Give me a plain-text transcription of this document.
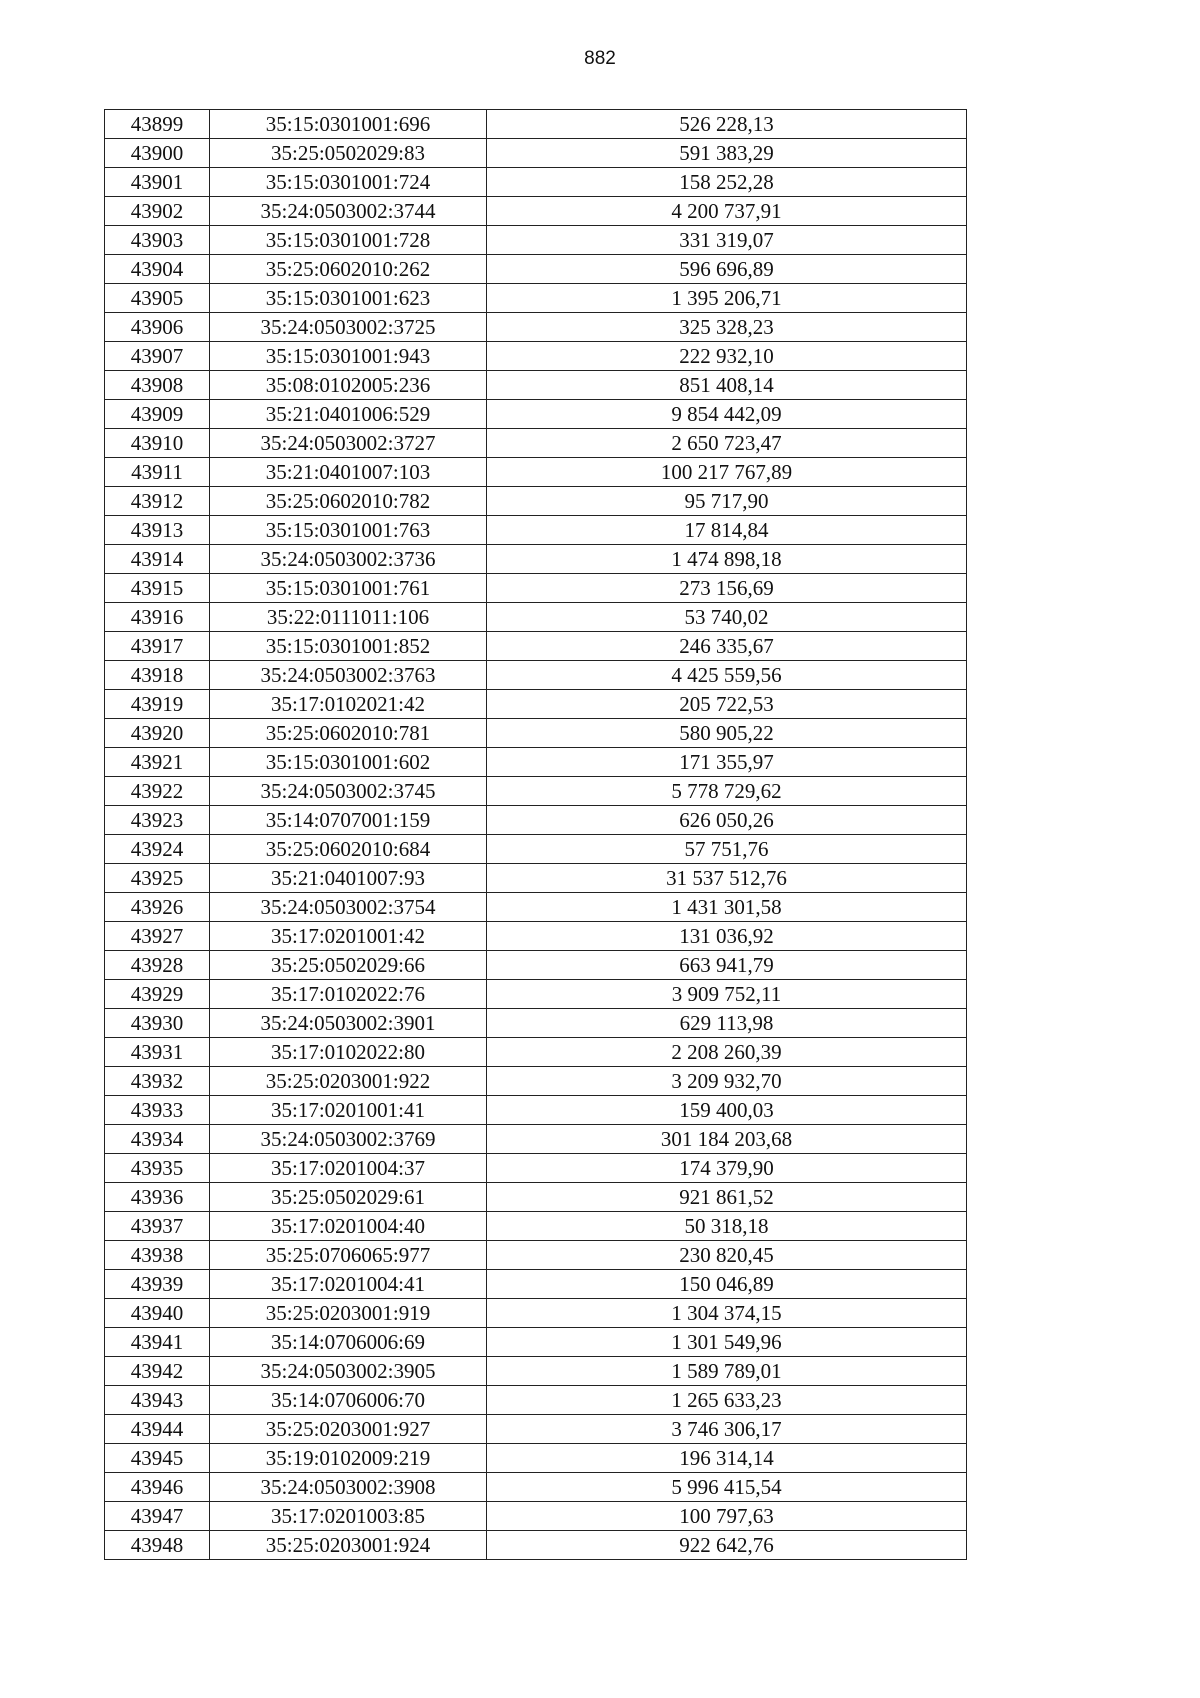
882
43899	35:15:0301001:696	526 228,13
43900	35:25:0502029:83	591 383,29
43901	35:15:0301001:724	158 252,28
43902	35:24:0503002:3744	4 200 737,91
43903	35:15:0301001:728	331 319,07
43904	35:25:0602010:262	596 696,89
43905	35:15:0301001:623	1 395 206,71
43906	35:24:0503002:3725	325 328,23
43907	35:15:0301001:943	222 932,10
43908	35:08:0102005:236	851 408,14
43909	35:21:0401006:529	9 854 442,09
43910	35:24:0503002:3727	2 650 723,47
43911	35:21:0401007:103	100 217 767,89
43912	35:25:0602010:782	95 717,90
43913	35:15:0301001:763	17 814,84
43914	35:24:0503002:3736	1 474 898,18
43915	35:15:0301001:761	273 156,69
43916	35:22:0111011:106	53 740,02
43917	35:15:0301001:852	246 335,67
43918	35:24:0503002:3763	4 425 559,56
43919	35:17:0102021:42	205 722,53
43920	35:25:0602010:781	580 905,22
43921	35:15:0301001:602	171 355,97
43922	35:24:0503002:3745	5 778 729,62
43923	35:14:0707001:159	626 050,26
43924	35:25:0602010:684	57 751,76
43925	35:21:0401007:93	31 537 512,76
43926	35:24:0503002:3754	1 431 301,58
43927	35:17:0201001:42	131 036,92
43928	35:25:0502029:66	663 941,79
43929	35:17:0102022:76	3 909 752,11
43930	35:24:0503002:3901	629 113,98
43931	35:17:0102022:80	2 208 260,39
43932	35:25:0203001:922	3 209 932,70
43933	35:17:0201001:41	159 400,03
43934	35:24:0503002:3769	301 184 203,68
43935	35:17:0201004:37	174 379,90
43936	35:25:0502029:61	921 861,52
43937	35:17:0201004:40	50 318,18
43938	35:25:0706065:977	230 820,45
43939	35:17:0201004:41	150 046,89
43940	35:25:0203001:919	1 304 374,15
43941	35:14:0706006:69	1 301 549,96
43942	35:24:0503002:3905	1 589 789,01
43943	35:14:0706006:70	1 265 633,23
43944	35:25:0203001:927	3 746 306,17
43945	35:19:0102009:219	196 314,14
43946	35:24:0503002:3908	5 996 415,54
43947	35:17:0201003:85	100 797,63
43948	35:25:0203001:924	922 642,76
